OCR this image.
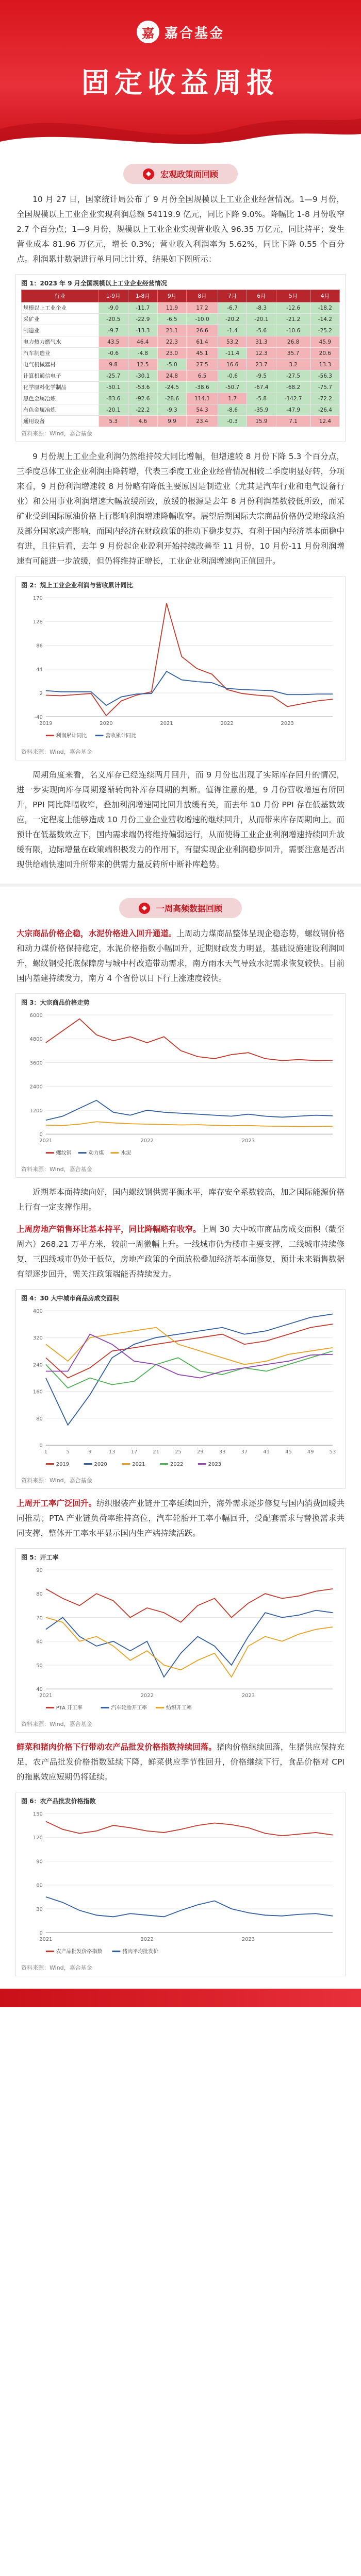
嘉 嘉合基金
固定收益周报
◆	宏观政策面回顾

10 月 27 日，国家统计局公布了 9 月份全国规模以上工业企业经营情况。1—9 月份，全国规模以上工业企业实现利润总额 54119.9 亿元，同比下降 9.0%。降幅比 1-8 月份收窄 2.7 个百分点；1—9 月份，规模以上工业企业实现营业收入 96.35 万亿元，同比持平；发生营业成本 81.96 万亿元，增长 0.3%；营业收入利润率为 5.62%，同比下降 0.55 个百分点。利润累计数据进行单月同比计算，结果如下图所示：

图 1：2023 年 9 月全国规模以上工业企业经营情况
行业	1-9月	1-8月	9月	8月	7月	6月	5月	4月
规模以上工业企业	-9.0	-11.7	11.9	17.2	-6.7	-8.3	-12.6	-18.2
采矿业	-20.5	-22.9	-6.5	-10.0	-20.2	-20.1	-21.2	-14.2
制造业	-9.7	-13.3	21.1	26.6	-1.4	-5.6	-10.6	-25.2
电力热力燃气水	43.5	46.4	22.3	61.4	53.2	31.3	26.8	45.9
汽车制造业	-0.6	-4.8	23.0	45.1	-11.4	12.3	35.7	20.6
电气机械器材	9.8	12.5	-5.0	27.5	16.6	23.7	3.2	13.3
计算机通信电子	-25.7	-30.1	24.8	6.5	-0.6	-9.5	-27.5	-56.3
化学原料化学制品	-50.1	-53.6	-24.5	-38.6	-50.7	-67.4	-68.2	-75.7
黑色金属冶炼	-83.6	-92.6	-28.6	114.1	1.7	-5.8	-142.7	-72.2
有色金属冶炼	-20.1	-22.2	-9.3	54.3	-8.6	-35.9	-47.9	-26.4
通用设备	5.3	4.6	9.9	23.4	-0.3	15.9	7.1	12.4
资料来源：Wind，嘉合基金

9 月份规上工业企业利润仍然维持较大同比增幅，但增速较 8 月份下降 5.3 个百分点，三季度总体工业企业利润由降转增，代表三季度工业企业经营情况相较二季度明显好转，分项来看，9 月份利润增速较 8 月份略有降低主要原因是制造业（尤其是汽车行业和电气设备行业）和公用事业利润增速大幅放缓所致，放缓的根源是去年 8 月份利润基数较低所致，而采矿业受到国际原油价格上行影响利润增速降幅收窄。展望后期国际大宗商品价格仍受地缘政治及部分国家减产影响，而国内经济在财政政策的推动下稳步复苏，有利于国内经济基本面稳中有进，且往后看，去年 9 月份起企业盈利开始持续改善至 11 月份，10 月份-11 月份利润增速有可能进一步放缓，但仍将维持正增长，工业企业利润增速向正值回升。

图 2：规上工业企业利润与营收累计同比
-40
2
44
86
128
170
2019	2020	2021	2022	2023
利润累计同比	营收累计同比
资料来源：Wind，嘉合基金

周期角度来看，名义库存已经连续两月回升，而 9 月份也出现了实际库存回升的情况，进一步实现向库存周期逐渐转向补库存周期的判断。值得注意的是，9 月份营收增速有所回升，PPI 同比降幅收窄，叠加利润增速同比回升放缓有关，而去年 10 月份 PPI 存在低基数效应，一定程度上能够造成 10 月份工业企业营收增速的继续回升，从而带来库存周期向上。而预计在低基数效应下，国内需求端仍将维持偏弱运行，从而使得工业企业利润增速持续回升放缓有限，边际增量在政策端积极发力的作用下，有望实现企业利润稳步回升，需要注意是否出现供给端快速回升所带来的供需力量反转所中断补库趋势。

◆	一周高频数据回顾

大宗商品价格企稳，水泥价格进入回升通道。上周动力煤商品整体呈现企稳态势，螺纹钢价格和动力煤价格保持稳定，水泥价格指数小幅回升，近期财政发力明显，基础设施建设利润回升，螺纹钢受托底保障房与城中村改造带动需求，南方雨水天气导致水泥需求恢复较快。目前国内基建持续发力，南方 4 个省份以日下行上涨速度较快。

图 3：大宗商品价格走势
0
1200
2400
3600
4800
6000
2021	2022	2023
螺纹钢	动力煤	水泥
资料来源：Wind，嘉合基金

近期基本面持续向好，国内螺纹钢供需平衡水平，库存安全系数较高，加之国际能源价格上行有一定支撑作用。

上周房地产销售环比基本持平，同比降幅略有收窄。上周 30 大中城市商品房成交面积（截至周六）268.21 万平方米，较前一周微幅上升。一线城市仍为楼市主要支撑，二线城市持续修复，三四线城市仍处于低位，房地产政策的全面放松叠加经济基本面修复，预计未来销售数据有望逐步回升，需关注政策端能否持续发力。

图 4：30 大中城市商品房成交面积
0
80
160
240
320
400
1	5	9	13	17	21	25	29	33	37	41	45	49	53
2019	2020	2021	2022	2023
资料来源：Wind，嘉合基金

上周开工率广泛回升。纺织服装产业链开工率延续回升，海外需求逐步修复与国内消费回暖共同推动；PTA 产业链负荷率维持高位，汽车轮胎开工率小幅回升，受配套需求与替换需求共同支撑，整体开工率水平显示国内生产端持续活跃。

图 5：开工率
40
50
60
70
80
90
2021	2022	2023
PTA 开工率	汽车轮胎开工率	纺织开工率
资料来源：Wind，嘉合基金

鲜菜和猪肉价格下行带动农产品批发价格指数持续回落。猪肉价格继续回落，生猪供应保持充足，农产品批发价格指数延续下降，鲜菜供应季节性回升，价格继续下行，食品价格对 CPI 的拖累效应短期仍将延续。

图 6：农产品批发价格指数
0
30
60
90
120
150
2021	2022	2023
农产品批发价格指数	猪肉平均批发价
资料来源：Wind，嘉合基金
